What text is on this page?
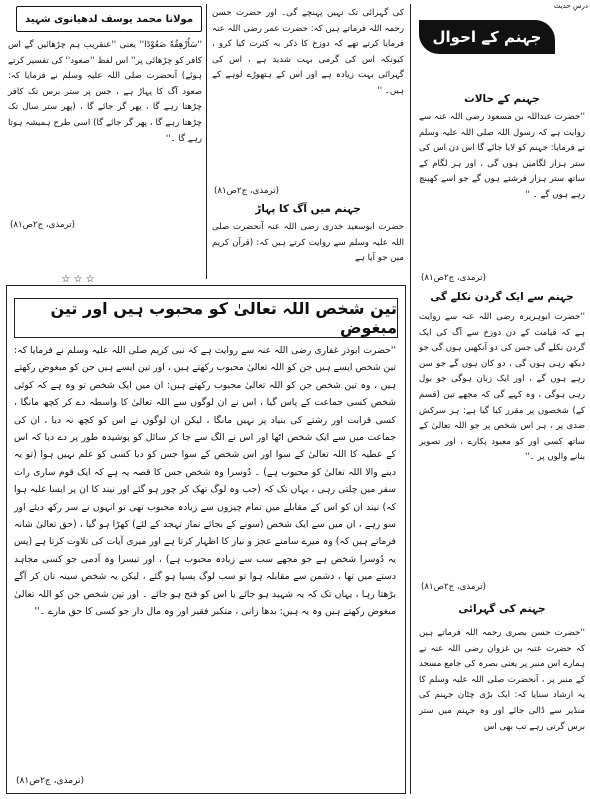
درسِ حدیث
جہنم کے احوال
جہنم کے حالات

''حضرت عبداللہ بن مسعود رضی اللہ عنہ سے روایت ہے کہ رسول اللہ صلی اللہ علیہ وسلم نے فرمایا: جہنم کو لایا جائے گا اس دن اس کی ستر ہزار لگامیں ہوں گی ، اور ہر لگام کے ساتھ ستر ہزار فرشتے ہوں گے جو اسے کھینچ رہے ہوں گے ۔ ''

(ترمذی، ج۲ص۸۱)
جہنم سے ایک گردن نکلے گی

''حضرت ابوہریرہ رضی اللہ عنہ سے روایت ہے کہ قیامت کے دن دوزخ سے آگ کی ایک گردن نکلے گی جس کی دو آنکھیں ہوں گی جو دیکھ رہی ہوں گی ، دو کان ہوں گے جو سن رہے ہوں گے ، اور ایک زبان ہوگی جو بول رہی ہوگی ، وہ کہے گی کہ مجھے تین (قسم کے) شخصوں پر مقرر کیا گیا ہے: ہر سرکش ضدی پر ، ہر اس شخص پر جو اللہ تعالیٰ کے ساتھ کسی اور کو معبود پکارے ، اور تصویر بنانے والوں پر ۔''

(ترمذی، ج۲ص۸۱)
جہنم کی گہرائی

''حضرت حسن بصری رحمہ اللہ فرماتے ہیں کہ حضرت عتبہ بن غزوان رضی اللہ عنہ نے ہمارے اس منبر پر یعنی بصرہ کی جامع مسجد کے منبر پر ، آنحضرت صلی اللہ علیہ وسلم کا یہ ارشاد سنایا کہ: ایک بڑی چٹان جہنم کی منڈیر سے ڈالی جائے اور وہ جہنم میں ستر برس گرتی رہے تب بھی اس

کی گہرائی تک نہیں پہنچے گی۔ اور حضرت حسن رحمہ اللہ فرماتے ہیں کہ: حضرت عمر رضی اللہ عنہ فرمایا کرتے تھے کہ دوزخ کا ذکر بہ کثرت کیا کرو ، کیونکہ اس کی گرمی بہت شدید ہے ، اس کی گہرائی بہت زیادہ ہے اور اس کے ہتھوڑے لوہے کے ہیں۔ ''

(ترمذی، ج۲ص۸۱)
جہنم میں آگ کا پہاڑ

حضرت ابوسعید خدری رضی اللہ عنہ آنحضرت صلی اللہ علیہ وسلم سے روایت کرتے ہیں کہ: (قرآن کریم میں جو آیا ہے

مولانا محمد یوسف لدھیانوی شہید

''سَاُرْهِقُهٗ صَعُوْدًا'' یعنی ''عنقریب ہم چڑھائیں گے اس کافر کو چڑھائی پر'' اس لفظ ''صعود'' کی تفسیر کرتے ہوئے) آنحضرت صلی اللہ علیہ وسلم نے فرمایا کہ: صعود آگ کا پہاڑ ہے ، جس پر ستر برس تک کافر چڑھتا رہے گا ، پھر گر جائے گا ، (پھر ستر سال تک چڑھتا رہے گا ، پھر گر جائے گا) اسی طرح ہمیشہ ہوتا رہے گا ۔''

(ترمذی، ج۲ص۸۱)
☆ ☆ ☆
تین شخص اللہ تعالیٰ کو محبوب ہیں اور تین مبغوض

''حضرت ابوذر غفاری رضی اللہ عنہ سے روایت ہے کہ نبی کریم صلی اللہ علیہ وسلم نے فرمایا کہ: تین شخص ایسے ہیں جن کو اللہ تعالیٰ محبوب رکھتے ہیں ، اور تین ایسے ہیں جن کو مبغوض رکھتے ہیں ، وہ تین شخص جن کو اللہ تعالیٰ محبوب رکھتے ہیں: ان میں ایک شخص تو وہ ہے کہ کوئی شخص کسی جماعت کے پاس گیا ، اس نے ان لوگوں سے اللہ تعالیٰ کا واسطہ دے کر کچھ مانگا ، کسی قرابت اور رشتے کی بنیاد پر نہیں مانگا ، لیکن ان لوگوں نے اس کو کچھ نہ دیا ، ان کی جماعت میں سے ایک شخص اٹھا اور اس نے الگ سے جا کر سائل کو پوشیدہ طور پر دے دیا کہ اس کے عطیہ کا اللہ تعالیٰ کے سوا اور اس شخص کے سوا جس کو دیا کسی کو علم نہیں ہوا (تو یہ دینے والا اللہ تعالیٰ کو محبوب ہے) ۔ دُوسرا وہ شخص جس کا قصہ یہ ہے کہ ایک قوم ساری رات سفر میں چلتی رہی ، یہاں تک کہ (جب وہ لوگ تھک کر چور ہو گئے اور نیند کا ان پر ایسا غلبہ ہوا کہ) نیند ان کو اس کے مقابلے میں تمام چیزوں سے زیادہ محبوب تھی تو انہوں نے سر رکھ دیئے اور سو رہے ، ان میں سے ایک شخص (سونے کے بجائے نماز تہجد کے لئے) کھڑا ہو گیا ، (حق تعالیٰ شانہ فرماتے ہیں کہ) وہ میرے سامنے عجز و نیاز کا اظہار کرتا ہے اور میری آیات کی تلاوت کرتا ہے (پس یہ دُوسرا شخص ہے جو مجھے سب سے زیادہ محبوب ہے) ، اور تیسرا وہ آدمی جو کسی مجاہد دستے میں تھا ، دشمن سے مقابلہ ہوا تو سب لوگ پسپا ہو گئے ، لیکن یہ شخص سینہ تان کر آگے بڑھتا رہا ، یہاں تک کہ یہ شہید ہو جائے یا اس کو فتح ہو جائے ۔ اور تین شخص جن کو اللہ تعالیٰ مبغوض رکھتے ہیں وہ یہ ہیں: بدھا زانی ، متکبر فقیر اور وہ مال دار جو کسی کا حق مارے ۔''

(ترمذی، ج۲ص۸۱)
